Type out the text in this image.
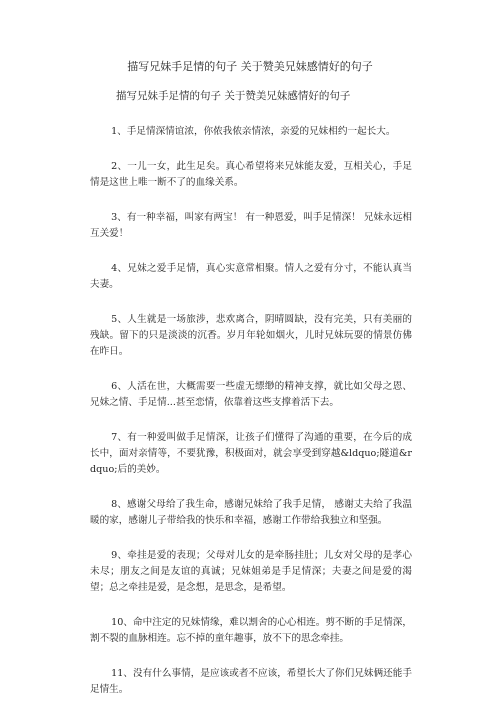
描写兄妹手足情的句子 关于赞美兄妹感情好的句子
描写兄妹手足情的句子 关于赞美兄妹感情好的句子

1、手足情深情谊浓，你侬我侬亲情浓，亲爱的兄妹相约一起长大。

2、一儿一女，此生足矣。真心希望将来兄妹能友爱，互相关心，手足情是这世上唯一断不了的血缘关系。

3、有一种幸福，叫家有两宝！ 有一种恩爱，叫手足情深！ 兄妹永远相互关爱！

4、兄妹之爱手足情，真心实意常相聚。情人之爱有分寸，不能认真当夫妻。

5、人生就是一场旅涉，悲欢离合，阴晴圆缺，没有完美，只有美丽的残缺。留下的只是淡淡的沉香。岁月年轮如烟火，儿时兄妹玩耍的情景仿佛在昨日。

6、人活在世，大概需要一些虚无缥缈的精神支撑，就比如父母之恩、兄妹之情、手足情...甚至恋情，依靠着这些支撑着活下去。

7、有一种爱叫做手足情深，让孩子们懂得了沟通的重要，在今后的成长中，面对亲情等，不要犹豫，积极面对，就会享受到穿越&ldquo;隧道&rdquo;后的美妙。

8、感谢父母给了我生命，感谢兄妹给了我手足情， 感谢丈夫给了我温暖的家，感谢儿子带给我的快乐和幸福，感谢工作带给我独立和坚强。

9、牵挂是爱的表现；父母对儿女的是牵肠挂肚；儿女对父母的是孝心未尽；朋友之间是友谊的真诚；兄妹姐弟是手足情深；夫妻之间是爱的渴望；总之牵挂是爱，是念想，是思念，是希望。

10、命中注定的兄妹情缘，难以割舍的心心相连。剪不断的手足情深，割不裂的血脉相连。忘不掉的童年趣事，放不下的思念牵挂。

11、没有什么事情，是应该或者不应该，希望长大了你们兄妹俩还能手足情生。
